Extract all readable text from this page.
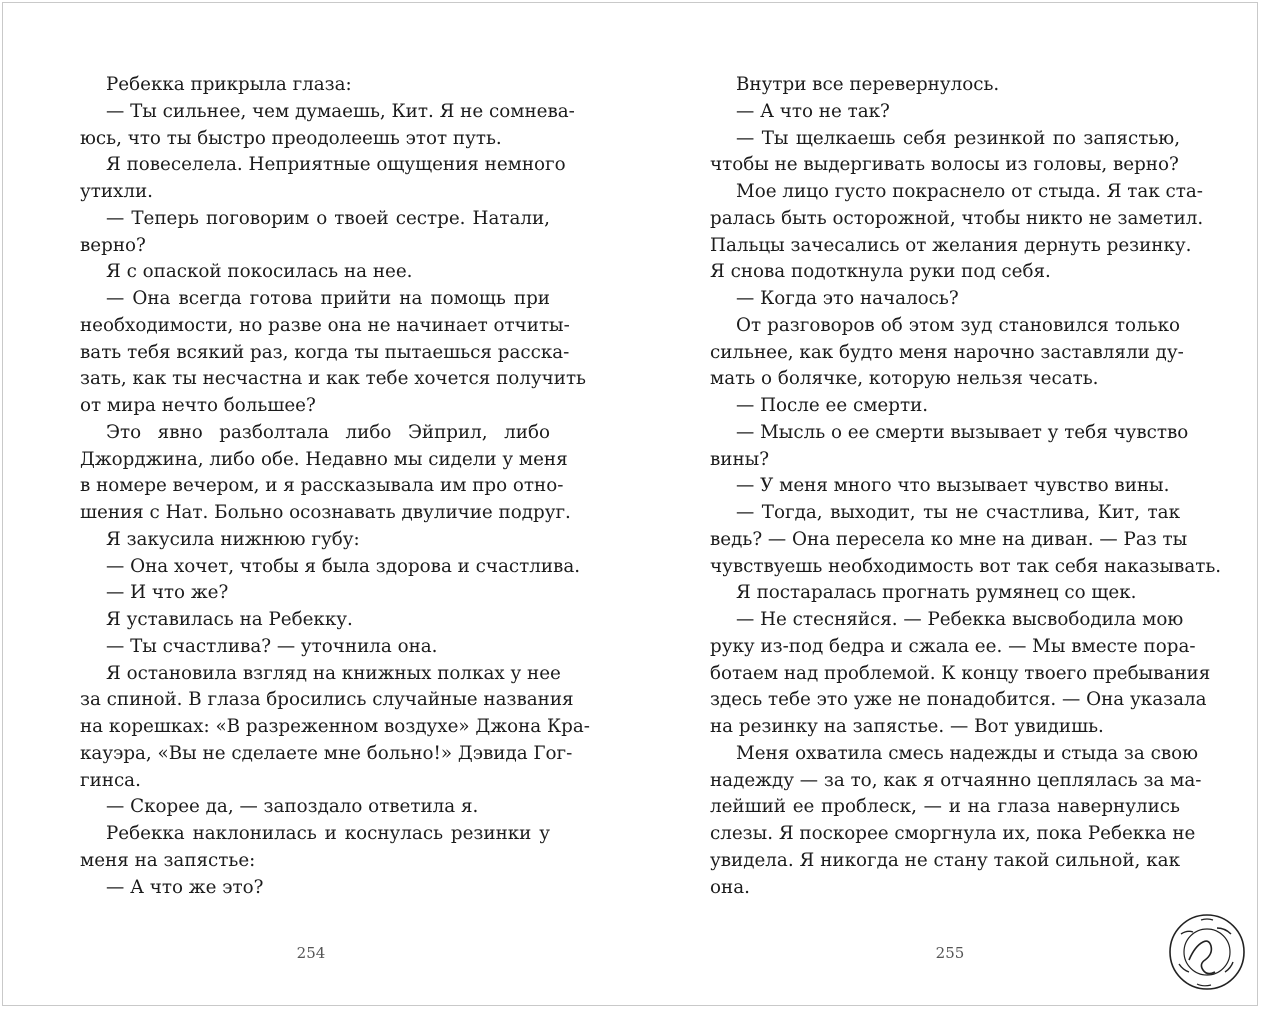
Ребекка прикрыла глаза:
— Ты сильнее, чем думаешь, Кит. Я не сомнева-
юсь, что ты быстро преодолеешь этот путь.
Я повеселела. Неприятные ощущения немного
утихли.
— Теперь поговорим о твоей сестре. Натали,
верно?
Я с опаской покосилась на нее.
— Она всегда готова прийти на помощь при
необходимости, но разве она не начинает отчиты-
вать тебя всякий раз, когда ты пытаешься расска-
зать, как ты несчастна и как тебе хочется получить
от мира нечто большее?
Это явно разболтала либо Эйприл, либо
Джорджина, либо обе. Недавно мы сидели у меня
в номере вечером, и я рассказывала им про отно-
шения с Нат. Больно осознавать двуличие подруг.
Я закусила нижнюю губу:
— Она хочет, чтобы я была здорова и счастлива.
— И что же?
Я уставилась на Ребекку.
— Ты счастлива? — уточнила она.
Я остановила взгляд на книжных полках у нее
за спиной. В глаза бросились случайные названия
на корешках: «В разреженном воздухе» Джона Кра-
кауэра, «Вы не сделаете мне больно!» Дэвида Гог-
гинса.
— Скорее да, — запоздало ответила я.
Ребекка наклонилась и коснулась резинки у
меня на запястье:
— А что же это?
Внутри все перевернулось.
— А что не так?
— Ты щелкаешь себя резинкой по запястью,
чтобы не выдергивать волосы из головы, верно?
Мое лицо густо покраснело от стыда. Я так ста-
ралась быть осторожной, чтобы никто не заметил.
Пальцы зачесались от желания дернуть резинку.
Я снова подоткнула руки под себя.
— Когда это началось?
От разговоров об этом зуд становился только
сильнее, как будто меня нарочно заставляли ду-
мать о болячке, которую нельзя чесать.
— После ее смерти.
— Мысль о ее смерти вызывает у тебя чувство
вины?
— У меня много что вызывает чувство вины.
— Тогда, выходит, ты не счастлива, Кит, так
ведь? — Она пересела ко мне на диван. — Раз ты
чувствуешь необходимость вот так себя наказывать.
Я постаралась прогнать румянец со щек.
— Не стесняйся. — Ребекка высвободила мою
руку из-под бедра и сжала ее. — Мы вместе пора-
ботаем над проблемой. К концу твоего пребывания
здесь тебе это уже не понадобится. — Она указала
на резинку на запястье. — Вот увидишь.
Меня охватила смесь надежды и стыда за свою
надежду — за то, как я отчаянно цеплялась за ма-
лейший ее проблеск, — и на глаза навернулись
слезы. Я поскорее сморгнула их, пока Ребекка не
увидела. Я никогда не стану такой сильной, как
она.
254	255
